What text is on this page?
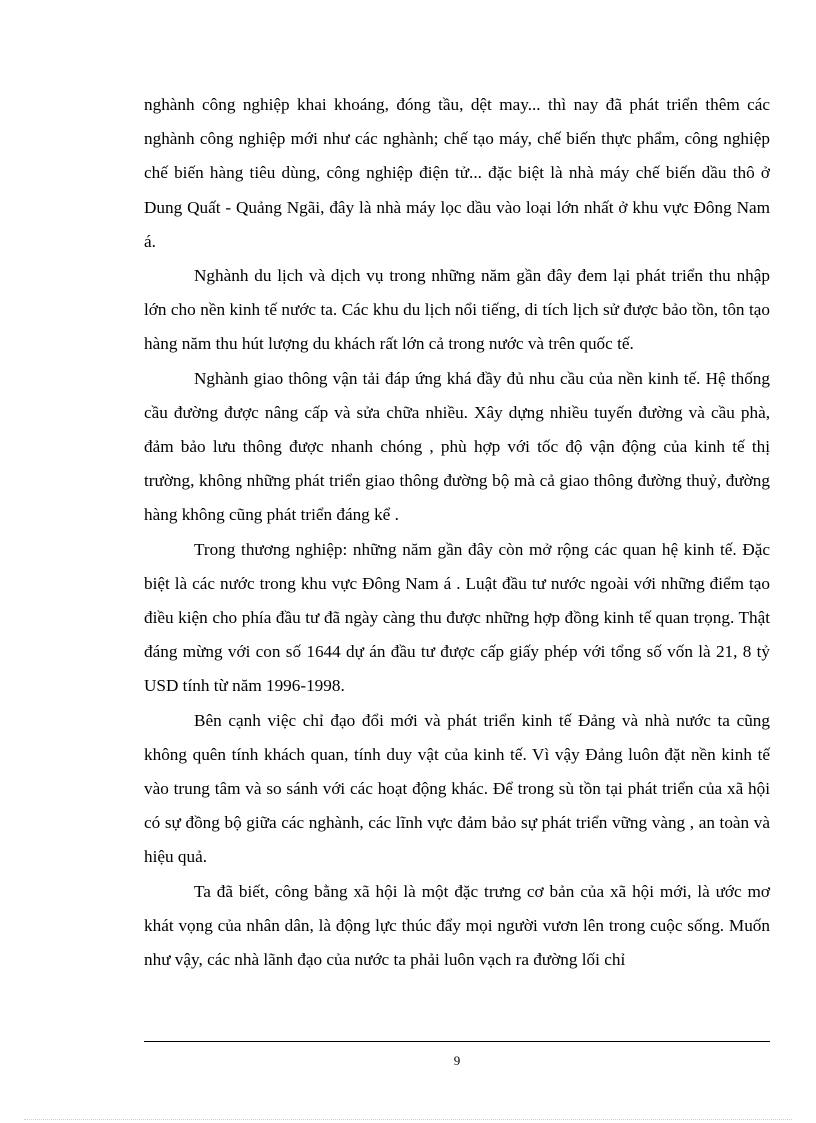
nghành công nghiệp khai khoáng, đóng tầu, dệt may... thì nay đã phát triển thêm các nghành công nghiệp mới như các nghành; chế tạo máy, chế biến thực phẩm, công nghiệp chế biến hàng tiêu dùng, công nghiệp điện tử... đặc biệt là nhà máy chế biến dầu thô ở Dung Quất - Quảng Ngãi, đây là nhà máy lọc dầu vào loại lớn nhất ở khu vực Đông Nam á.

Nghành du lịch và dịch vụ trong những năm gần đây đem lại phát triển thu nhập lớn cho nền kinh tế nước ta. Các khu du lịch nổi tiếng, di tích lịch sử được bảo tồn, tôn tạo hàng năm thu hút lượng du khách rất lớn cả trong nước và trên quốc tế.

Nghành giao thông vận tải đáp ứng khá đầy đủ nhu cầu của nền kinh tế. Hệ thống cầu đường được nâng cấp và sửa chữa nhiều. Xây dựng nhiều tuyến đường và cầu phà, đảm bảo lưu thông được nhanh chóng , phù hợp với tốc độ vận động của kinh tế thị trường, không những phát triển giao thông đường bộ mà cả giao thông đường thuỷ, đường hàng không cũng phát triển đáng kể .

Trong thương nghiệp: những năm gần đây còn mở rộng các quan hệ kinh tế. Đặc biệt là các nước trong khu vực Đông Nam á . Luật đầu tư nước ngoài với những điểm tạo điều kiện cho phía đầu tư đã ngày càng thu được những hợp đồng kinh tế quan trọng. Thật đáng mừng với con số 1644 dự án đầu tư được cấp giấy phép với tổng số vốn là 21, 8 tỷ USD tính từ năm 1996-1998.

Bên cạnh việc chỉ đạo đổi mới và phát triển kinh tế Đảng và nhà nước ta cũng không quên tính khách quan, tính duy vật của kinh tế. Vì vậy Đảng luôn đặt nền kinh tế vào trung tâm và so sánh với các hoạt động khác. Để trong sù tồn tại phát triển của xã hội có sự đồng bộ giữa các nghành, các lĩnh vực đảm bảo sự phát triển vững vàng , an toàn và hiệu quả.

Ta đã biết, công bằng xã hội là một đặc trưng cơ bản của xã hội mới, là ước mơ khát vọng của nhân dân, là động lực thúc đẩy mọi người vươn lên trong cuộc sống. Muốn như vậy, các nhà lãnh đạo của nước ta phải luôn vạch ra đường lối chỉ

9
